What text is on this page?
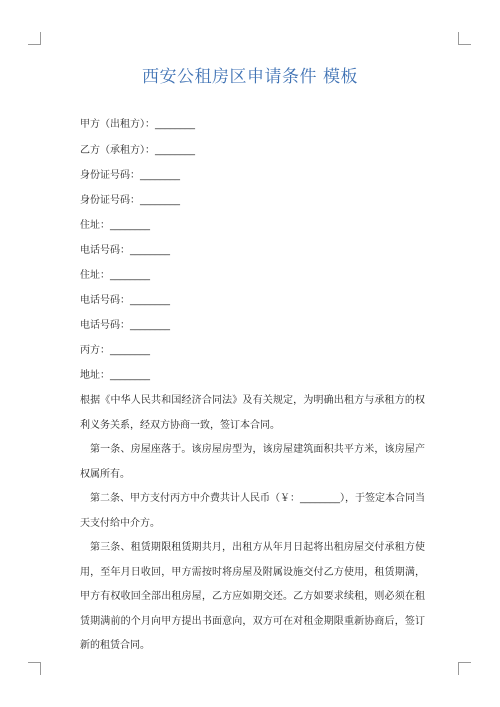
西安公租房区申请条件 模板
甲方（出租方）：________
乙方（承租方）：________
身份证号码：________
身份证号码：________
住址：________
电话号码：________
住址：________
电话号码：________
电话号码：________
丙方：________
地址：________
根据《中华人民共和国经济合同法》及有关规定，为明确出租方与承租方的权利义务关系，经双方协商一致，签订本合同。
第一条、房屋座落于。该房屋房型为，该房屋建筑面积共平方米，该房屋产权属所有。
第二条、甲方支付丙方中介费共计人民币（￥：________），于签定本合同当天支付给中介方。
第三条、租赁期限租赁期共月，出租方从年月日起将出租房屋交付承租方使用，至年月日收回，甲方需按时将房屋及附属设施交付乙方使用，租赁期满，甲方有权收回全部出租房屋，乙方应如期交还。乙方如要求续租，则必须在租赁期满前的个月向甲方提出书面意向，双方可在对租金期限重新协商后，签订新的租赁合同。
